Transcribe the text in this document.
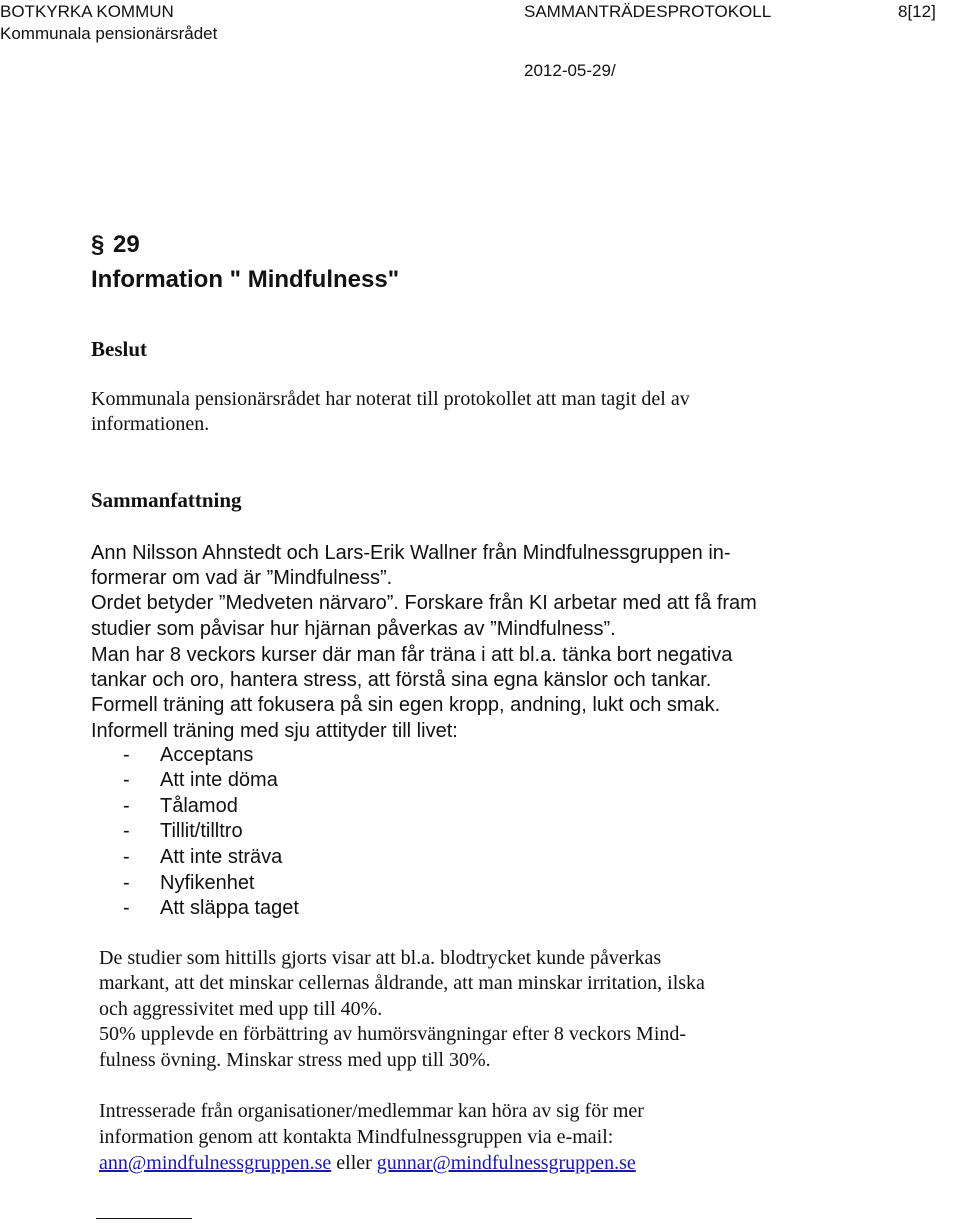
BOTKYRKA KOMMUN
Kommunala pensionärsrådet
SAMMANTRÄDESPROTOKOLL	8[12]
2012-05-29/
§ 29
Information " Mindfulness"
Beslut
Kommunala pensionärsrådet har noterat till protokollet att man tagit del av
informationen.
Sammanfattning
Ann Nilsson Ahnstedt och Lars-Erik Wallner från Mindfulnessgruppen in-
formerar om vad är ”Mindfulness”.
Ordet betyder ”Medveten närvaro”. Forskare från KI arbetar med att få fram
studier som påvisar hur hjärnan påverkas av ”Mindfulness”.
Man har 8 veckors kurser där man får träna i att bl.a. tänka bort negativa
tankar och oro, hantera stress, att förstå sina egna känslor och tankar.
Formell träning att fokusera på sin egen kropp, andning, lukt och smak.
Informell träning med sju attityder till livet:
- Acceptans
- Att inte döma
- Tålamod
- Tillit/tilltro
- Att inte sträva
- Nyfikenhet
- Att släppa taget
De studier som hittills gjorts visar att bl.a. blodtrycket kunde påverkas
markant, att det minskar cellernas åldrande, att man minskar irritation, ilska
och aggressivitet med upp till 40%.
50% upplevde en förbättring av humörsvängningar efter 8 veckors Mind-
fulness övning. Minskar stress med upp till 30%.
Intresserade från organisationer/medlemmar kan höra av sig för mer
information genom att kontakta Mindfulnessgruppen via e-mail:
ann@mindfulnessgruppen.se eller gunnar@mindfulnessgruppen.se
